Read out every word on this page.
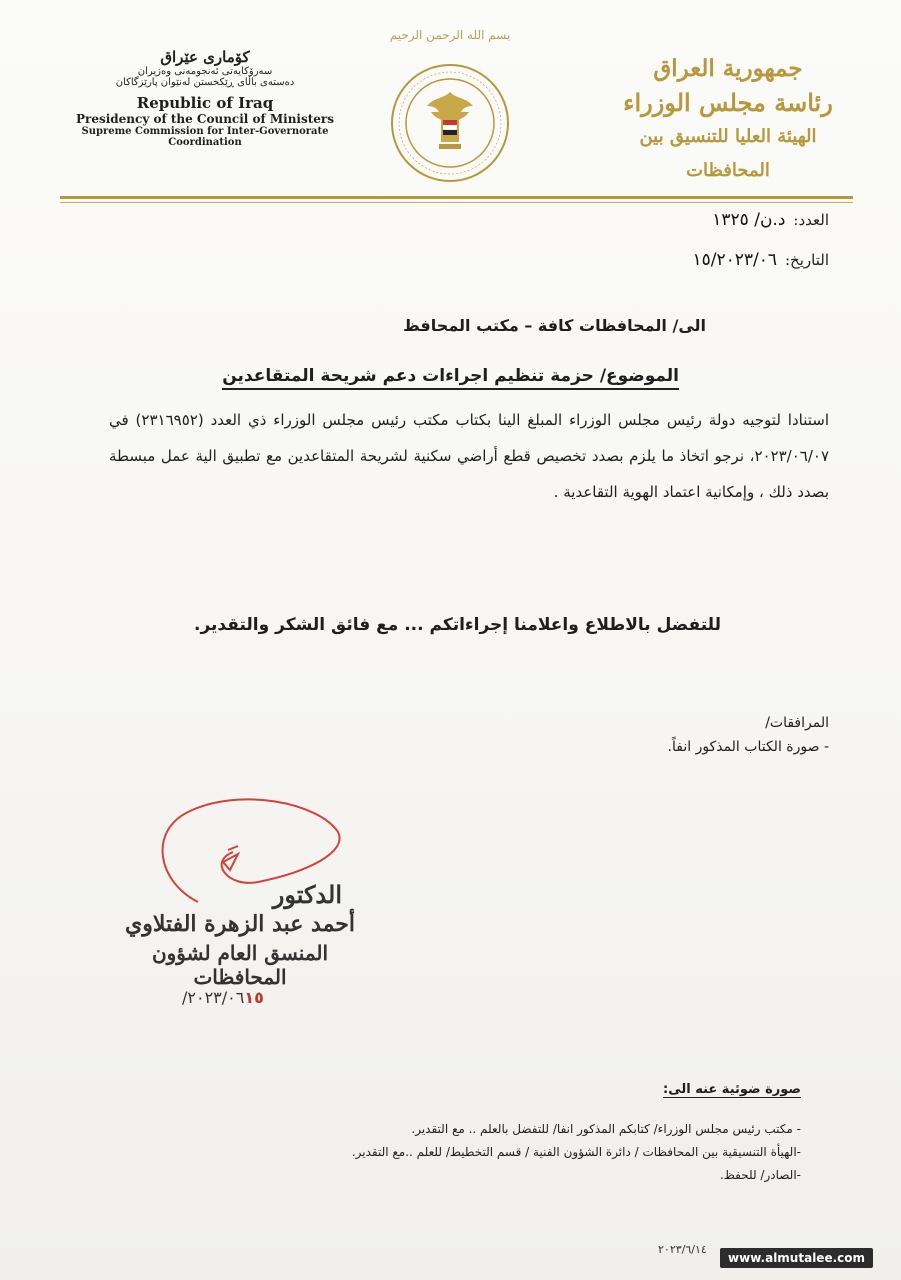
بسم الله الرحمن الرحيم
جمهورية العراق
رئاسة مجلس الوزراء
الهيئة العليا للتنسيق بين المحافظات
كۆماری عێراق
سەرۆکایەتی ئەنجومەنی وەزیران
دەستەی باڵای ڕێکخستن لەنێوان پارێزگاکان
Republic of Iraq
Presidency of the Council of Ministers
Supreme Commission for Inter-Governorate Coordination
العدد:د.ن/ ١٣٢٥
التاريخ:١٥/٢٠٢٣/٠٦
الى/ المحافظات كافة – مكتب المحافظ
الموضوع/ حزمة تنظيم اجراءات دعم شريحة المتقاعدين
استنادا لتوجيه دولة رئيس مجلس الوزراء المبلغ الينا بكتاب مكتب رئيس مجلس الوزراء ذي العدد (٢٣١٦٩٥٢) في ٢٠٢٣/٠٦/٠٧، نرجو اتخاذ ما يلزم بصدد تخصيص قطع أراضي سكنية لشريحة المتقاعدين مع تطبيق الية عمل مبسطة بصدد ذلك ، وإمكانية اعتماد الهوية التقاعدية .
للتفضل بالاطلاع واعلامنا إجراءاتكم ... مع فائق الشكر والتقدير.
المرافقات/
- صورة الكتاب المذكور انفاً.
الدكتور
أحمد عبد الزهرة الفتلاوي
المنسق العام لشؤون المحافظات
/٢٠٢٣/٠٦١٥
صورة ضوئية عنه الى:
- مكتب رئيس مجلس الوزراء/ كتابكم المذكور انفا/ للتفضل بالعلم .. مع التقدير.
-الهيأة التنسيقية بين المحافظات / دائرة الشؤون الفنية / قسم التخطيط/ للعلم ..مع التقدير.
-الصادر/ للحفظ.
٢٠٢٣/٦/١٤
www.almutalee.com
